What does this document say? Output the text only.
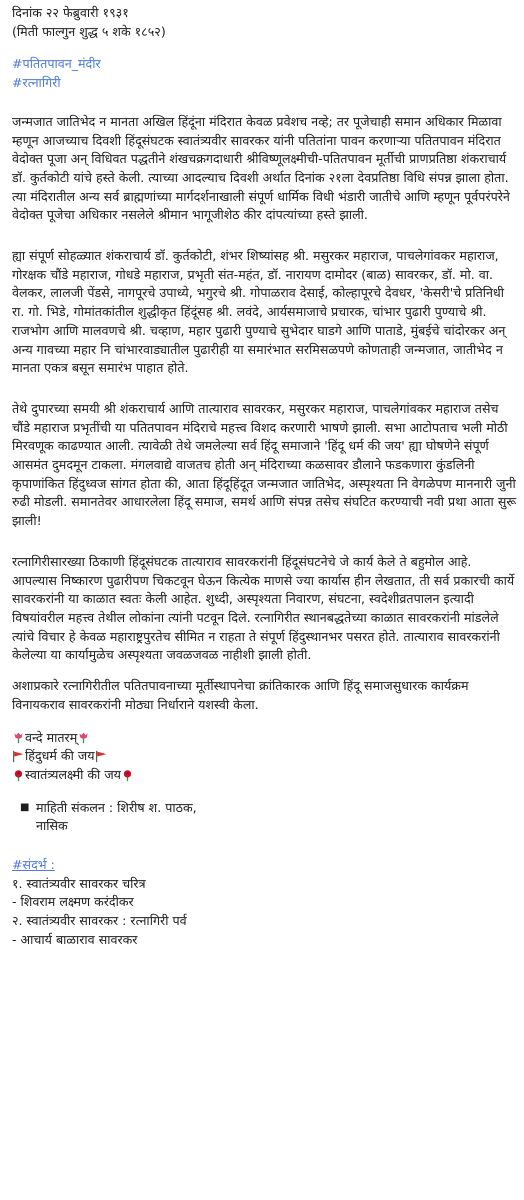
दिनांक २२ फेब्रुवारी १९३१

(मिती फाल्गुन शुद्ध ५ शके १८५२)

#पतितपावन_मंदीर
#रत्नागिरी

जन्मजात जातिभेद न मानता अखिल हिंदूंना मंदिरात केवळ प्रवेशच नव्हे; तर पूजेचाही समान अधिकार मिळावा म्हणून आजच्याच दिवशी हिंदूसंघटक स्वातंत्र्यवीर सावरकर यांनी पतितांना पावन करणाऱ्या पतितपावन मंदिरात वेदोक्त पूजा अन् विधिवत पद्धतीने शंखचक्रगदाधारी श्रीविष्णूलक्ष्मीची-पतितपावन मूर्तीची प्राणप्रतिष्ठा शंकराचार्य डॉ. कुर्तकोटी यांचे हस्ते केली. त्याच्या आदल्याच दिवशी अर्थात दिनांक २१ला देवप्रतिष्ठा विधि संपन्न झाला होता. त्या मंदिरातील अन्य सर्व ब्राह्मणांच्या मार्गदर्शनाखाली संपूर्ण धार्मिक विधी भंडारी जातीचे आणि म्हणून पूर्वपरंपरेने वेदोक्त पूजेचा अधिकार नसलेले श्रीमान भागूजीशेठ कीर दांपत्यांच्या हस्ते झाली.

ह्या संपूर्ण सोहळ्यात शंकराचार्य डॉ. कुर्तकोटी, शंभर शिष्यांसह श्री. मसुरकर महाराज, पाचलेगांवकर महाराज, गोरक्षक चौंडे महाराज, गोधडे महाराज, प्रभृती संत-महंत, डॉ. नारायण दामोदर (बाळ) सावरकर, डॉ. मो. वा. वेलकर, लालजी पेंडसे, नागपूरचे उपाध्ये, भगुरचे श्री. गोपाळराव देसाई, कोल्हापूरचे देवधर, 'केसरी'चे प्रतिनिधी रा. गो. भिडे, गोमांतकांतील शुद्धीकृत हिंदूंसह श्री. लवंदे, आर्यसमाजाचे प्रचारक, चांभार पुढारी पुण्याचे श्री. राजभोग आणि मालवणचे श्री. चव्हाण, महार पुढारी पुण्याचे सुभेदार घाडगे आणि पाताडे, मुंबईचे चांदोरकर अन् अन्य गावच्या महार नि चांभारवाड्यातील पुढारीही या समारंभात सरमिसळपणे कोणताही जन्मजात, जातीभेद न मानता एकत्र बसून समारंभ पाहात होते.

तेथे दुपारच्या समयी श्री शंकराचार्य आणि तात्याराव सावरकर, मसुरकर महाराज, पाचलेगांवकर महाराज तसेच चौंडे महाराज प्रभृतींची या पतितपावन मंदिराचे महत्त्व विशद करणारी भाषणे झाली. सभा आटोपताच भली मोठी मिरवणूक काढण्यात आली. त्यावेळी तेथे जमलेल्या सर्व हिंदू समाजाने 'हिंदू धर्म की जय' ह्या घोषणेने संपूर्ण आसमंत दुमदमून टाकला. मंगलवाद्ये वाजतच होती अन् मंदिराच्या कळसावर डौलाने फडकणारा कुंडलिनी कृपाणांकित हिंदुध्वज सांगत होता की, आता हिंदूहिंदूत जन्मजात जातिभेद, अस्पृश्यता नि वेगळेपण माननारी जुनी रुढी मोडली. समानतेवर आधारलेला हिंदू समाज, समर्थ आणि संपन्न तसेच संघटित करण्याची नवी प्रथा आता सुरू झाली!

रत्नागिरीसारख्या ठिकाणी हिंदूसंघटक तात्याराव सावरकरांनी हिंदूसंघटनेचे जे कार्य केले ते बहुमोल आहे. आपल्यास निष्कारण पुढारीपण चिकटवून घेऊन कित्येक माणसे ज्या कार्यास हीन लेखतात, ती सर्व प्रकारची कार्ये सावरकरांनी या काळात स्वतः केली आहेत. शुध्दी, अस्पृश्यता निवारण, संघटना, स्वदेशीव्रतपालन इत्यादी विषयांवरील महत्त्व तेथील लोकांना त्यांनी पटवून दिले. रत्नागिरीत स्थानबद्धतेच्या काळात सावरकरांनी मांडलेले त्यांचे विचार हे केवळ महाराष्ट्रपुरतेच सीमित न राहता ते संपूर्ण हिंदुस्थानभर पसरत होते. तात्याराव सावरकरांनी केलेल्या या कार्यामुळेच अस्पृश्यता जवळजवळ नाहीशी झाली होती.

अशाप्रकारे रत्नागिरीतील पतितपावनाच्या मूर्तीस्थापनेचा क्रांतिकारक आणि हिंदू समाजसुधारक कार्यक्रम विनायकराव सावरकरांनी मोठ्या निर्धाराने यशस्वी केला.

वन्दे मातरम्
हिंदुधर्म की जय
स्वातंत्र्यलक्ष्मी की जय
■ माहिती संकलन : शिरीष श. पाठक,
नासिक
#संदर्भ :
१. स्वातंत्र्यवीर सावरकर चरित्र
- शिवराम लक्ष्मण करंदीकर
२. स्वातंत्र्यवीर सावरकर : रत्नागिरी पर्व
- आचार्य बाळाराव सावरकर
